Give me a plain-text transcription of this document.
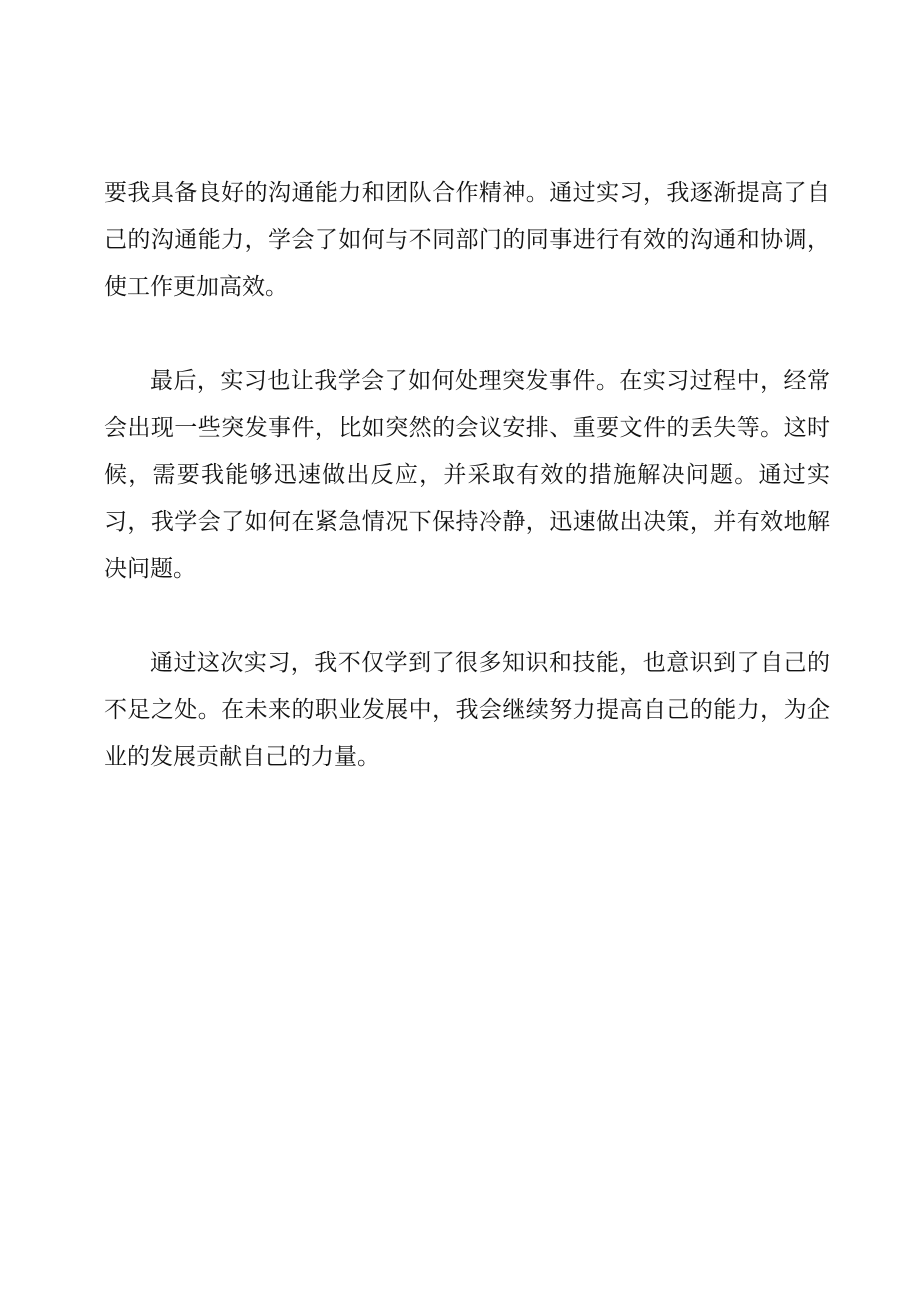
要我具备良好的沟通能力和团队合作精神。通过实习，我逐渐提高了自己的沟通能力，学会了如何与不同部门的同事进行有效的沟通和协调，使工作更加高效。

最后，实习也让我学会了如何处理突发事件。在实习过程中，经常会出现一些突发事件，比如突然的会议安排、重要文件的丢失等。这时候，需要我能够迅速做出反应，并采取有效的措施解决问题。通过实习，我学会了如何在紧急情况下保持冷静，迅速做出决策，并有效地解决问题。

通过这次实习，我不仅学到了很多知识和技能，也意识到了自己的不足之处。在未来的职业发展中，我会继续努力提高自己的能力，为企业的发展贡献自己的力量。
